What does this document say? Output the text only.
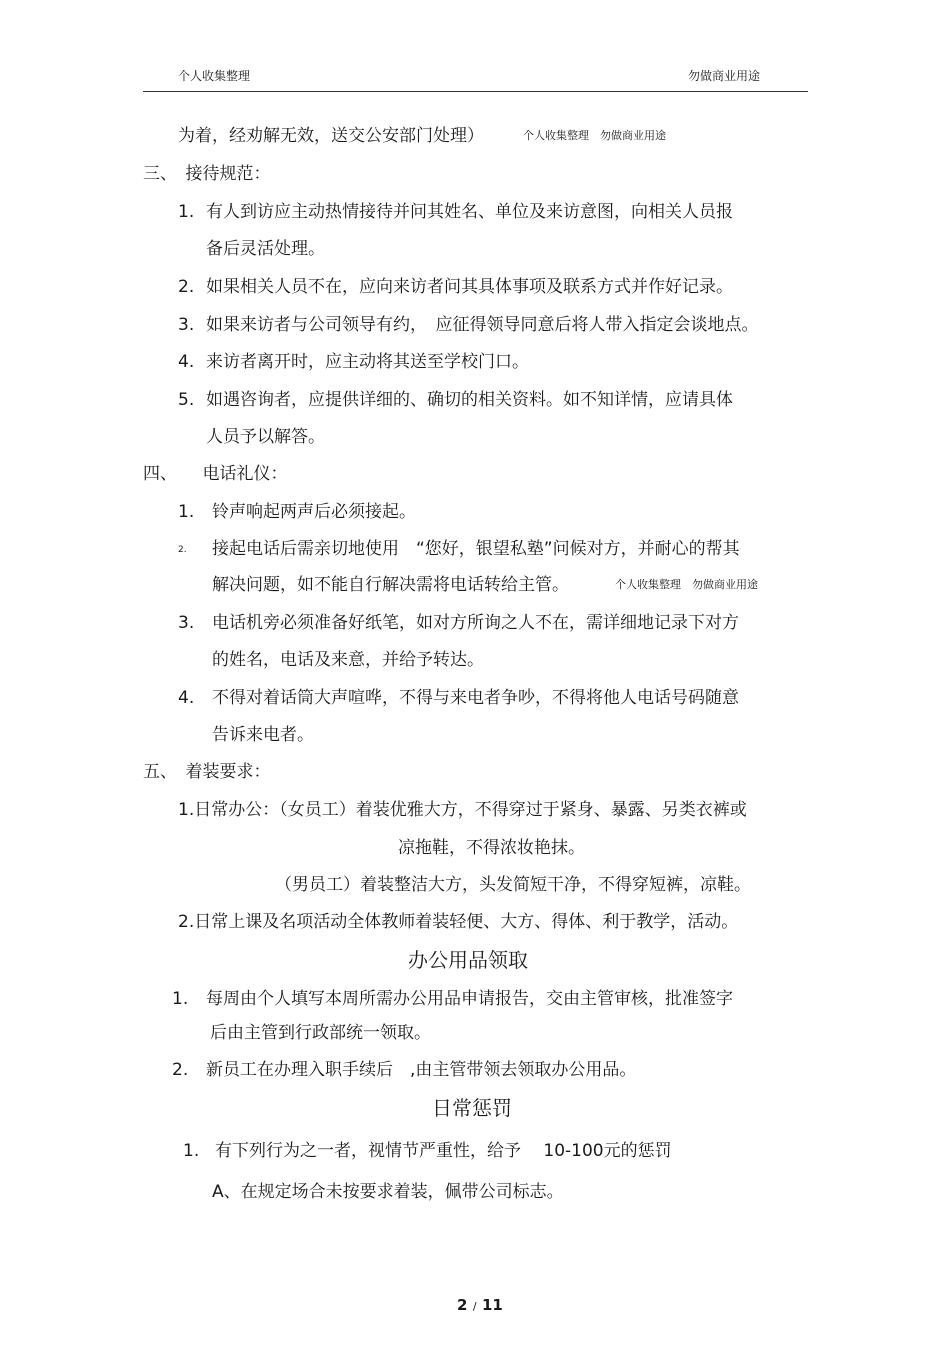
个人收集整理	勿做商业用途
为着，经劝解无效，送交公安部门处理）	个人收集整理　勿做商业用途
三、　接待规范：
1. 有人到访应主动热情接待并问其姓名、单位及来访意图，向相关人员报
备后灵活处理。
2. 如果相关人员不在，应向来访者问其具体事项及联系方式并作好记录。
3. 如果来访者与公司领导有约，　应征得领导同意后将人带入指定会谈地点。
4. 来访者离开时，应主动将其送至学校门口。
5. 如遇咨询者，应提供详细的、确切的相关资料。如不知详情，应请具体
人员予以解答。
四、　　电话礼仪：
1. 铃声响起两声后必须接起。
2. 接起电话后需亲切地使用　“您好，银望私塾”问候对方，并耐心的帮其
解决问题，如不能自行解决需将电话转给主管。	个人收集整理　勿做商业用途
3. 电话机旁必须准备好纸笔，如对方所询之人不在，需详细地记录下对方
的姓名，电话及来意，并给予转达。
4. 不得对着话筒大声喧哗，不得与来电者争吵，不得将他人电话号码随意
告诉来电者。
五、　着装要求：
1.日常办公：（女员工）着装优雅大方，不得穿过于紧身、暴露、另类衣裤或
凉拖鞋，不得浓妆艳抹。
（男员工）着装整洁大方，头发简短干净，不得穿短裤，凉鞋。
2.日常上课及名项活动全体教师着装轻便、大方、得体、利于教学，活动。
办公用品领取
1. 每周由个人填写本周所需办公用品申请报告，交由主管审核，批准签字
后由主管到行政部统一领取。
2. 新员工在办理入职手续后　,由主管带领去领取办公用品。
日常惩罚
1. 有下列行为之一者，视情节严重性，给予　 10-100元的惩罚
A、在规定场合未按要求着装，佩带公司标志。
2 / 11
